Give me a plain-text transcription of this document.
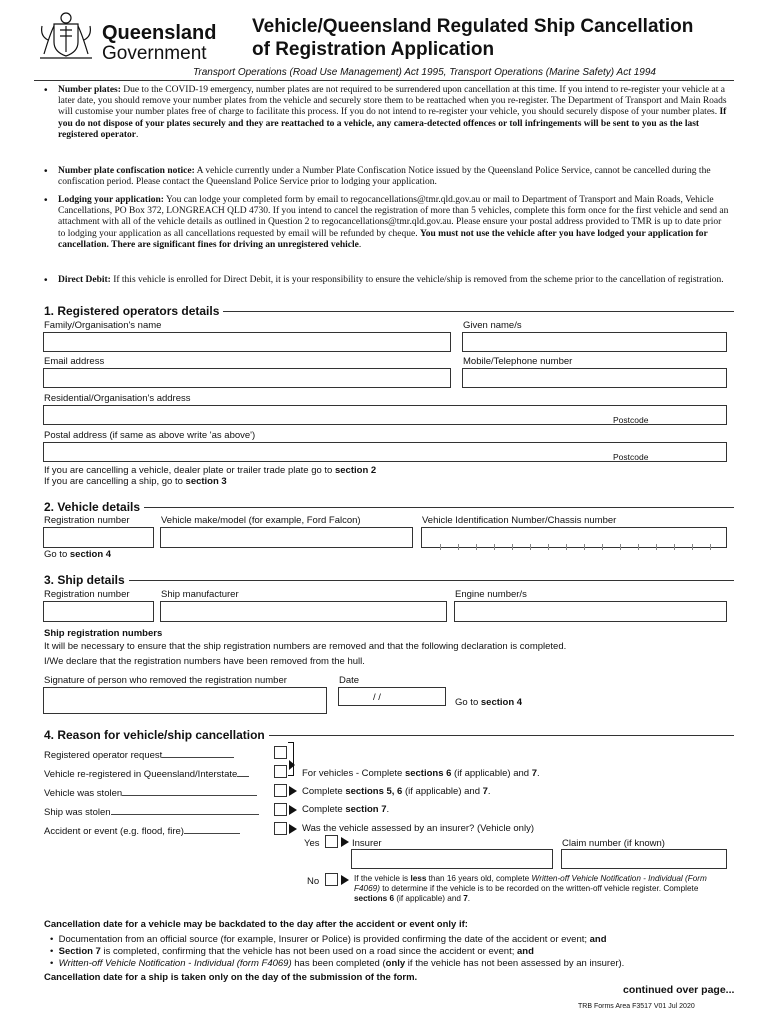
Queensland
Government
Vehicle/Queensland Regulated Ship Cancellation
of Registration Application
Transport Operations (Road Use Management) Act 1995, Transport Operations (Marine Safety) Act 1994
• Number plates: Due to the COVID-19 emergency, number plates are not required to be surrendered upon cancellation at this time. If you intend to re-register your vehicle at a later date, you should remove your number plates from the vehicle and securely store them to be reattached when you re-register. The Department of Transport and Main Roads will customise your number plates free of charge to facilitate this process. If you do not intend to re-register your vehicle, you should securely dispose of your number plates. If you do not dispose of your plates securely and they are reattached to a vehicle, any camera-detected offences or toll infringements will be sent to you as the last registered operator.
• Number plate confiscation notice: A vehicle currently under a Number Plate Confiscation Notice issued by the Queensland Police Service, cannot be cancelled during the confiscation period. Please contact the Queensland Police Service prior to lodging your application.
• Lodging your application: You can lodge your completed form by email to regocancellations@tmr.qld.gov.au or mail to Department of Transport and Main Roads, Vehicle Cancellations, PO Box 372, LONGREACH QLD 4730. If you intend to cancel the registration of more than 5 vehicles, complete this form once for the first vehicle and send an attachment with all of the vehicle details as outlined in Question 2 to regocancellations@tmr.qld.gov.au. Please ensure your postal address provided to TMR is up to date prior to lodging your application as all cancellations requested by email will be refunded by cheque. You must not use the vehicle after you have lodged your application for cancellation. There are significant fines for driving an unregistered vehicle.
• Direct Debit: If this vehicle is enrolled for Direct Debit, it is your responsibility to ensure the vehicle/ship is removed from the scheme prior to the cancellation of registration.
1. Registered operators details
Family/Organisation's name	Given name/s
Email address	Mobile/Telephone number
Residential/Organisation's address
Postcode
Postal address (if same as above write 'as above')
Postcode
If you are cancelling a vehicle, dealer plate or trailer trade plate go to section 2
If you are cancelling a ship, go to section 3
2. Vehicle details
Registration number	Vehicle make/model (for example, Ford Falcon)	Vehicle Identification Number/Chassis number
Go to section 4
3. Ship details
Registration number	Ship manufacturer	Engine number/s
Ship registration numbers
It will be necessary to ensure that the ship registration numbers are removed and that the following declaration is completed.
I/We declare that the registration numbers have been removed from the hull.
Signature of person who removed the registration number	Date
/ /	Go to section 4
4. Reason for vehicle/ship cancellation
Registered operator request
Vehicle re-registered in Queensland/Interstate	For vehicles - Complete sections 6 (if applicable) and 7.
Vehicle was stolen	Complete sections 5, 6 (if applicable) and 7.
Ship was stolen	Complete section 7.
Accident or event (e.g. flood, fire)	Was the vehicle assessed by an insurer? (Vehicle only)
Yes	Insurer	Claim number (if known)
No	If the vehicle is less than 16 years old, complete Written-off Vehicle Notification - Individual (Form F4069) to determine if the vehicle is to be recorded on the written-off vehicle register. Complete sections 6 (if applicable) and 7.
Cancellation date for a vehicle may be backdated to the day after the accident or event only if:
•  Documentation from an official source (for example, Insurer or Police) is provided confirming the date of the accident or event; and
•  Section 7 is completed, confirming that the vehicle has not been used on a road since the accident or event; and
•  Written-off Vehicle Notification - Individual (form F4069) has been completed (only if the vehicle has not been assessed by an insurer).
Cancellation date for a ship is taken only on the day of the submission of the form.
continued over page...
TRB Forms Area F3517 V01 Jul 2020
